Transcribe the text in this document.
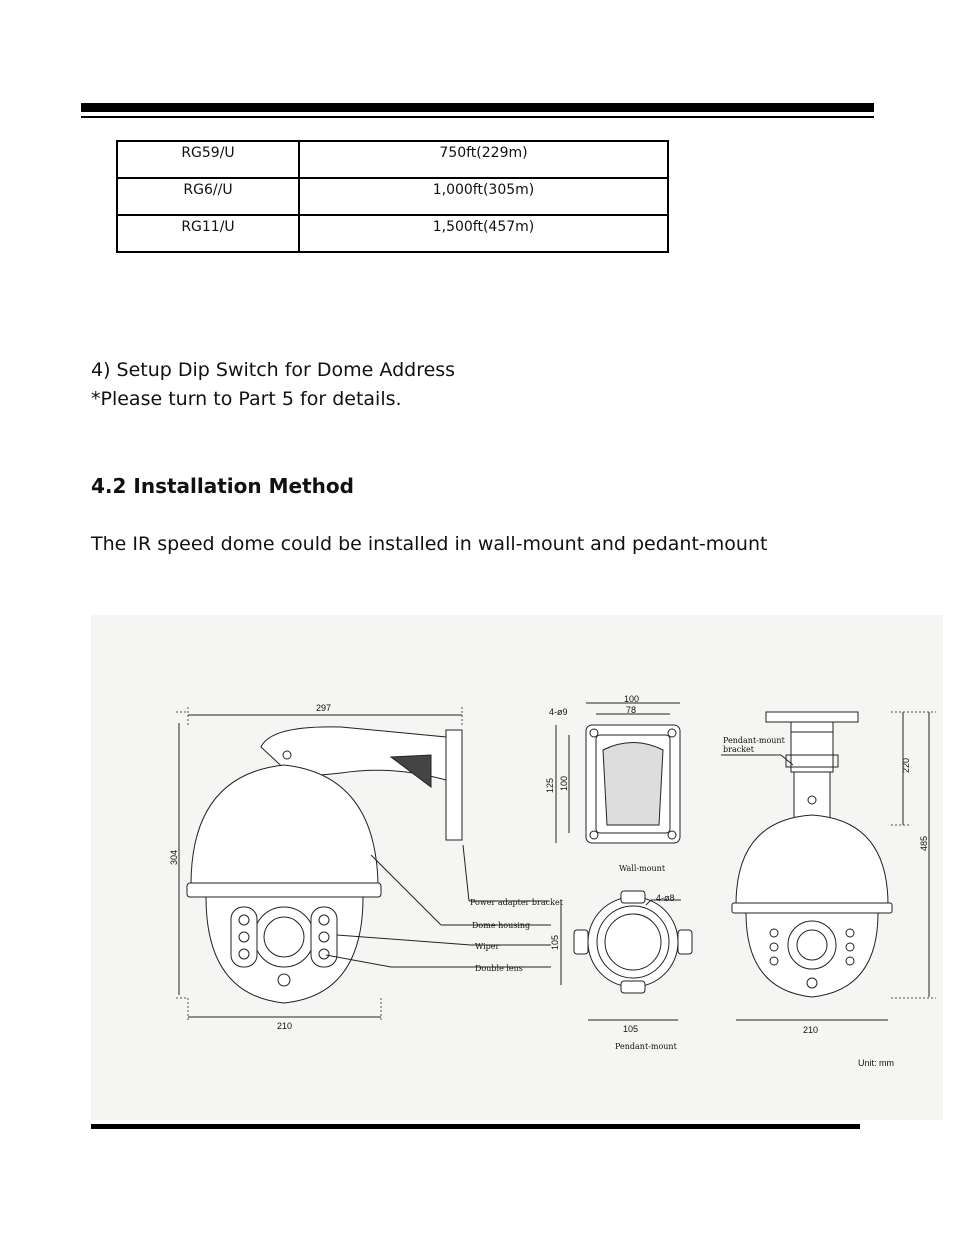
RG59/U	750ft(229m)
RG6//U	1,000ft(305m)
RG11/U	1,500ft(457m)
4) Setup Dip Switch for Dome Address
*Please turn to Part 5 for details.
4.2 Installation Method
The IR speed dome could be installed in wall-mount and pedant-mount
297
304
210
4-ø9
100
78
125 100
4-ø8
105
105
220
485
210
Power adapter bracket
Dome housing
Wiper
Double lens
Wall-mount
Pendant-mount
Pendant-mount
bracket
Unit: mm
